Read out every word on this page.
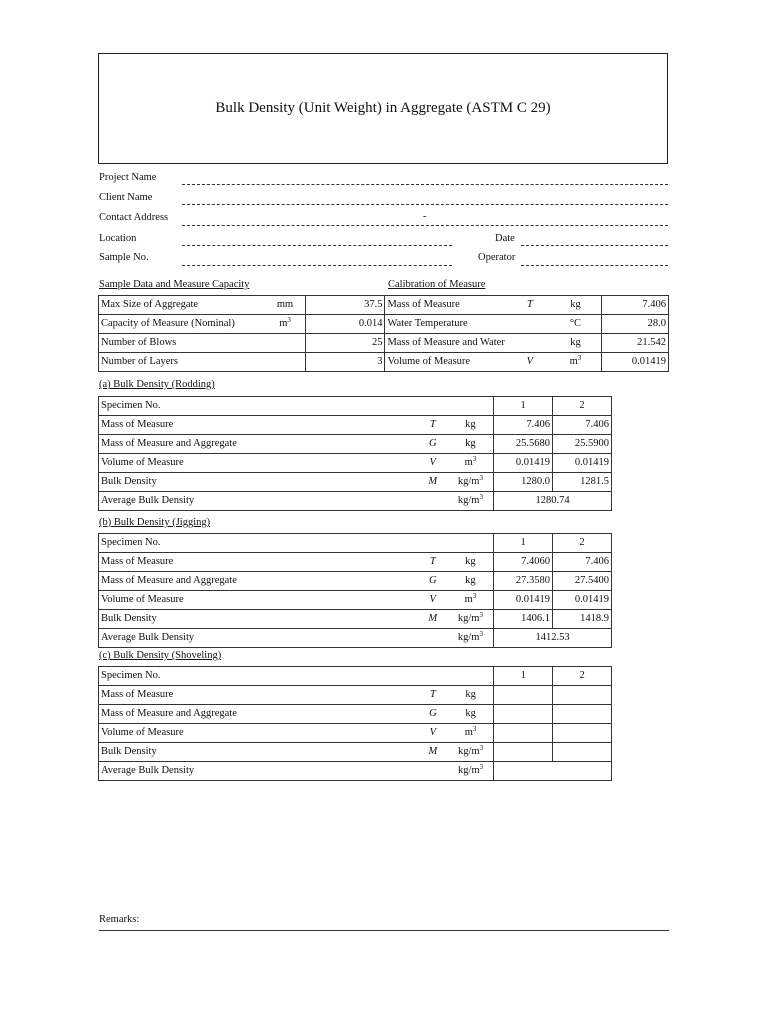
Bulk Density (Unit Weight) in Aggregate (ASTM C 29)
Project Name
Client Name
Contact Address	-
Location	Date
Sample No.	Operator
Sample Data and Measure Capacity	Calibration of Measure
Max Size of Aggregate	mm	37.5	Mass of Measure	T	kg	7.406
Capacity of Measure (Nominal)	$m^3$	0.014	Water Temperature		°C	28.0
Number of Blows		25	Mass of Measure and Water		kg	21.542
Number of Layers		3	Volume of Measure	V	$m^3$	0.01419
(a) Bulk Density (Rodding)
Specimen No.			1	2
Mass of Measure	T	kg	7.406	7.406
Mass of Measure and Aggregate	G	kg	25.5680	25.5900
Volume of Measure	V	$m^3$	0.01419	0.01419
Bulk Density	M	$kg/m^3$	1280.0	1281.5
Average Bulk Density		$kg/m^3$	1280.74	
(b) Bulk Density (Jigging)
Specimen No.			1	2
Mass of Measure	T	kg	7.4060	7.406
Mass of Measure and Aggregate	G	kg	27.3580	27.5400
Volume of Measure	V	$m^3$	0.01419	0.01419
Bulk Density	M	$kg/m^3$	1406.1	1418.9
Average Bulk Density		$kg/m^3$	1412.53	
(c) Bulk Density (Shoveling)
Specimen No.			1	2
Mass of Measure	T	kg		
Mass of Measure and Aggregate	G	kg		
Volume of Measure	V	$m^3$		
Bulk Density	M	$kg/m^3$		
Average Bulk Density		$kg/m^3$	
Remarks:
